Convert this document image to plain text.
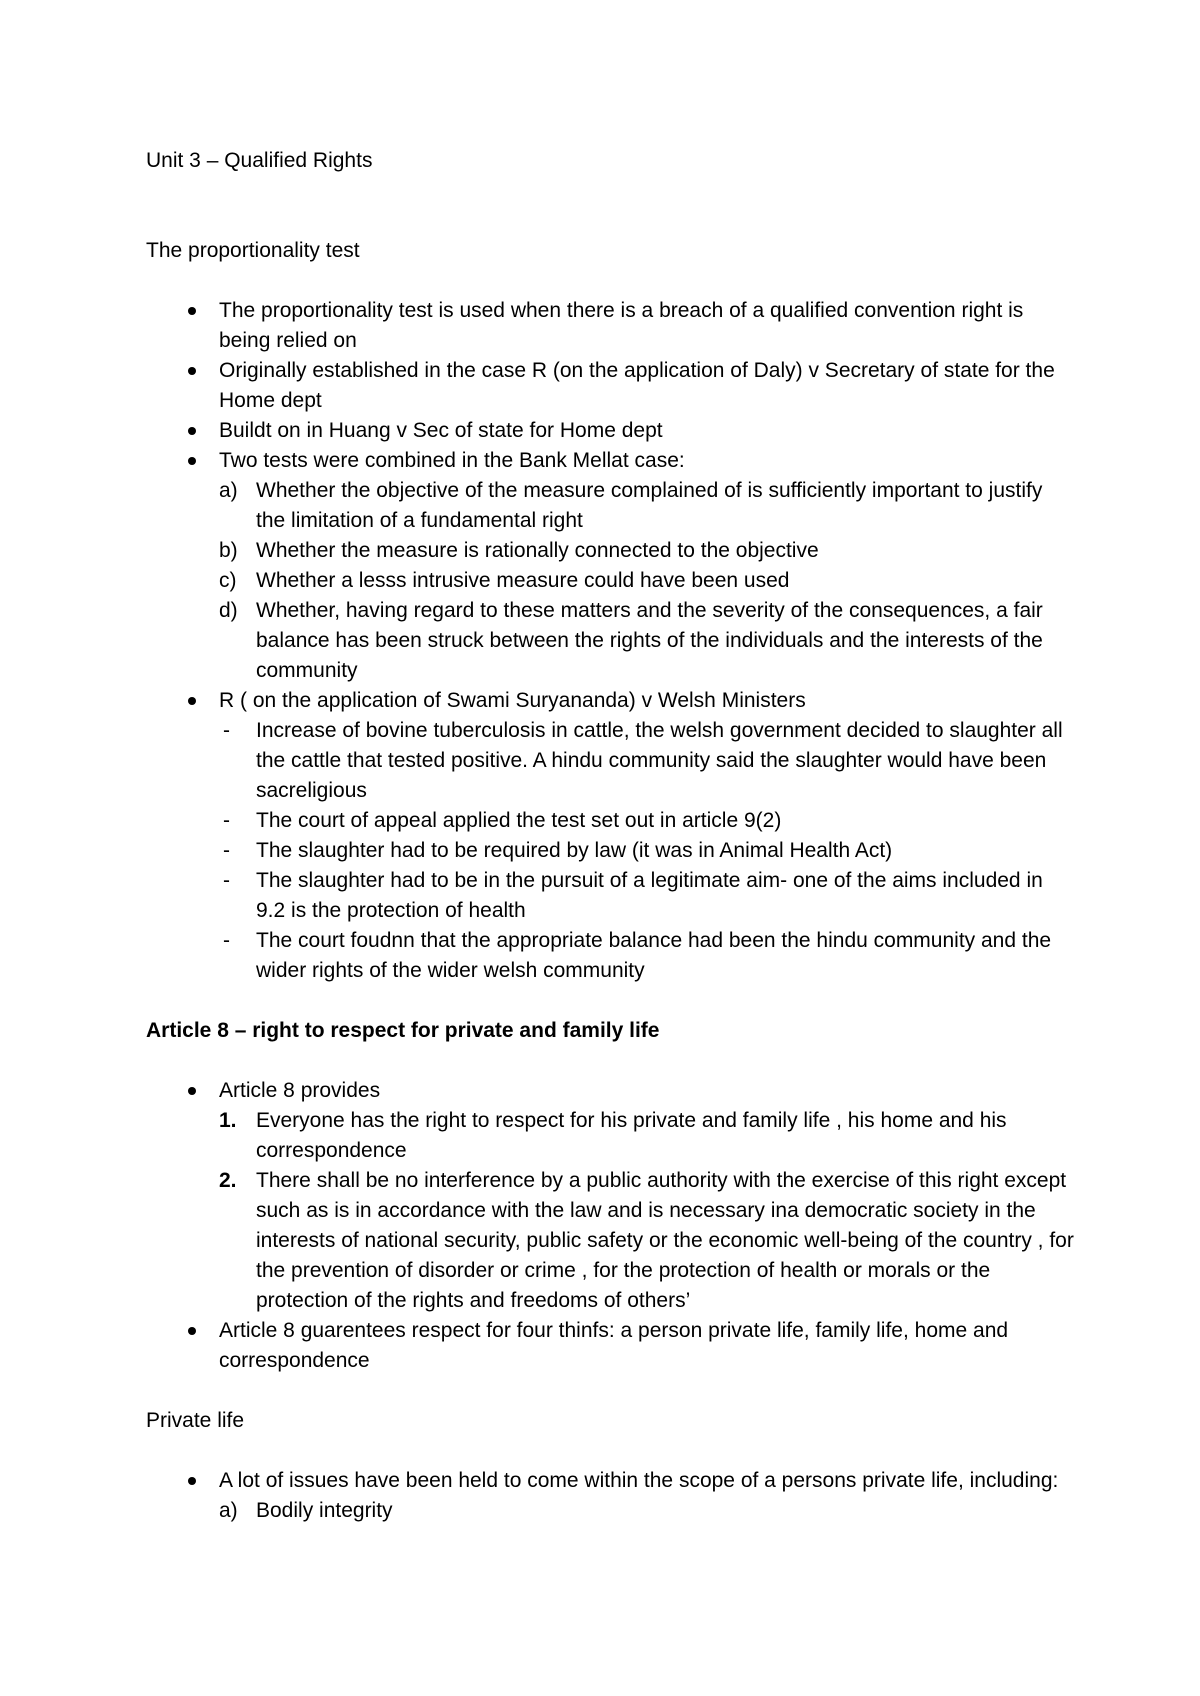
Unit 3 – Qualified Rights

The proportionality test

The proportionality test is used when there is a breach of a qualified convention right is being relied on
Originally established in the case R (on the application of Daly) v Secretary of state for the Home dept
Buildt on in Huang v Sec of state for Home dept
Two tests were combined in the Bank Mellat case:
a) Whether the objective of the measure complained of is sufficiently important to justify the limitation of a fundamental right
b) Whether the measure is rationally connected to the objective
c) Whether a lesss intrusive measure could have been used
d) Whether, having regard to these matters and the severity of the consequences, a fair balance has been struck between the rights of the individuals and the interests of the community
R ( on the application of Swami Suryananda) v Welsh Ministers
- Increase of bovine tuberculosis in cattle, the welsh government decided to slaughter all the cattle that tested positive. A hindu community said the slaughter would have been sacreligious
- The court of appeal applied the test set out in article 9(2)
- The slaughter had to be required by law (it was in Animal Health Act)
- The slaughter had to be in the pursuit of a legitimate aim- one of the aims included in 9.2 is the protection of health
- The court foudnn that the appropriate balance had been the hindu community and the wider rights of the wider welsh community

Article 8 – right to respect for private and family life

Article 8 provides
1. Everyone has the right to respect for his private and family life , his home and his correspondence
2. There shall be no interference by a public authority with the exercise of this right except such as is in accordance with the law and is necessary ina democratic society in the interests of national security, public safety or the economic well-being of the country , for the prevention of disorder or crime , for the protection of health or morals or the protection of the rights and freedoms of others’
Article 8 guarentees respect for four thinfs: a person private life, family life, home and correspondence

Private life

A lot of issues have been held to come within the scope of a persons private life, including:
a) Bodily integrity
